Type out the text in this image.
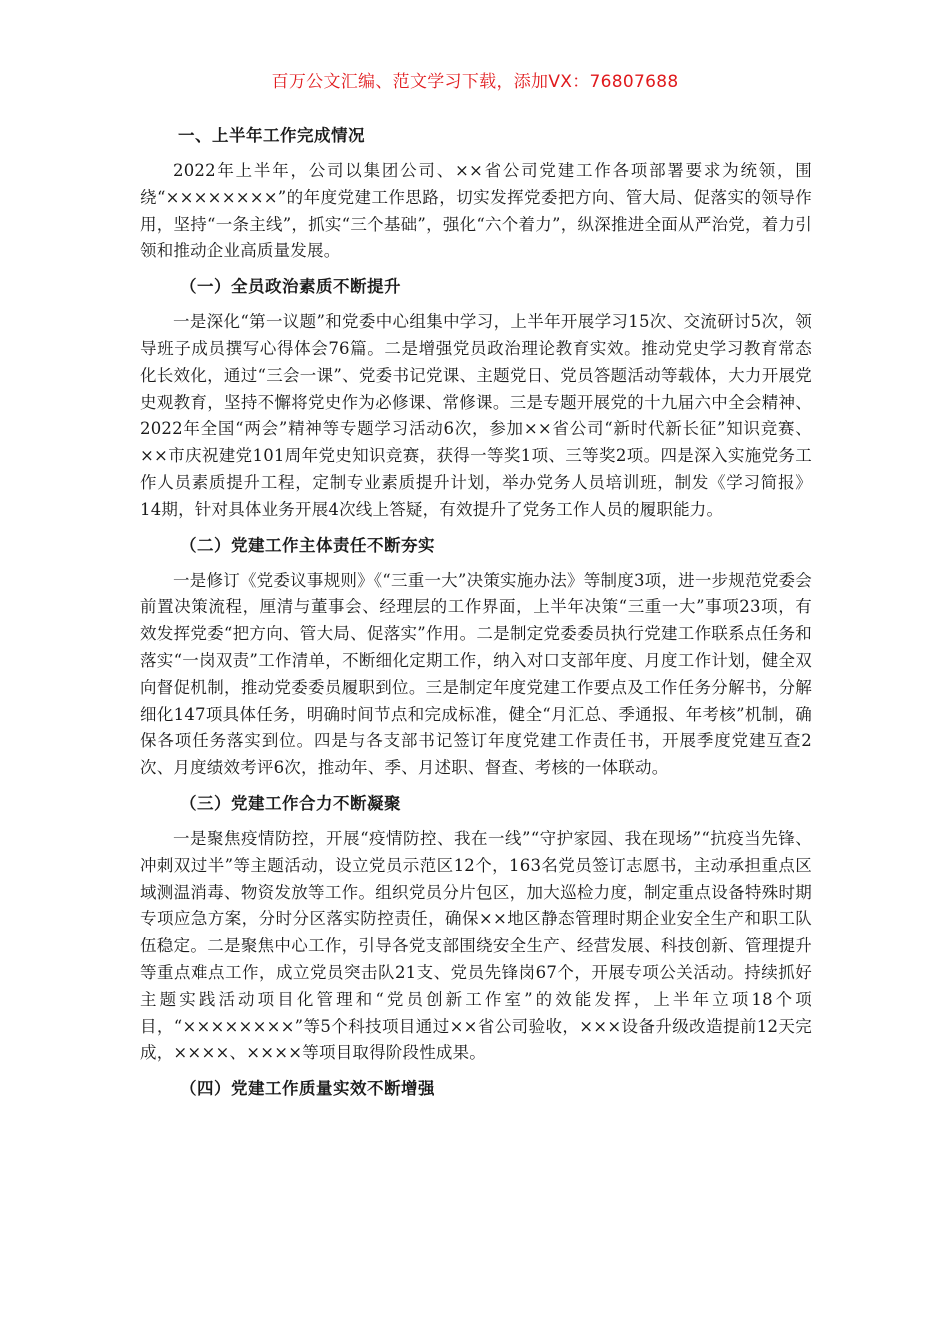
百万公文汇编、范文学习下载，添加VX：76807688
一、上半年工作完成情况

2022年上半年，公司以集团公司、××省公司党建工作各项部署要求为统领，围绕“××××××××”的年度党建工作思路，切实发挥党委把方向、管大局、促落实的领导作用，坚持“一条主线”，抓实“三个基础”，强化“六个着力”，纵深推进全面从严治党，着力引领和推动企业高质量发展。

（一）全员政治素质不断提升

一是深化“第一议题”和党委中心组集中学习，上半年开展学习15次、交流研讨5次，领导班子成员撰写心得体会76篇。二是增强党员政治理论教育实效。推动党史学习教育常态化长效化，通过“三会一课”、党委书记党课、主题党日、党员答题活动等载体，大力开展党史观教育，坚持不懈将党史作为必修课、常修课。三是专题开展党的十九届六中全会精神、2022年全国“两会”精神等专题学习活动6次，参加××省公司“新时代新长征”知识竞赛、××市庆祝建党101周年党史知识竞赛，获得一等奖1项、三等奖2项。四是深入实施党务工作人员素质提升工程，定制专业素质提升计划，举办党务人员培训班，制发《学习简报》14期，针对具体业务开展4次线上答疑，有效提升了党务工作人员的履职能力。

（二）党建工作主体责任不断夯实

一是修订《党委议事规则》《“三重一大”决策实施办法》等制度3项，进一步规范党委会前置决策流程，厘清与董事会、经理层的工作界面，上半年决策“三重一大”事项23项，有效发挥党委“把方向、管大局、促落实”作用。二是制定党委委员执行党建工作联系点任务和落实“一岗双责”工作清单，不断细化定期工作，纳入对口支部年度、月度工作计划，健全双向督促机制，推动党委委员履职到位。三是制定年度党建工作要点及工作任务分解书，分解细化147项具体任务，明确时间节点和完成标准，健全“月汇总、季通报、年考核”机制，确保各项任务落实到位。四是与各支部书记签订年度党建工作责任书，开展季度党建互查2次、月度绩效考评6次，推动年、季、月述职、督查、考核的一体联动。

（三）党建工作合力不断凝聚

一是聚焦疫情防控，开展“疫情防控、我在一线”“守护家园、我在现场”“抗疫当先锋、冲刺双过半”等主题活动，设立党员示范区12个，163名党员签订志愿书，主动承担重点区域测温消毒、物资发放等工作。组织党员分片包区，加大巡检力度，制定重点设备特殊时期专项应急方案，分时分区落实防控责任，确保××地区静态管理时期企业安全生产和职工队伍稳定。二是聚焦中心工作，引导各党支部围绕安全生产、经营发展、科技创新、管理提升等重点难点工作，成立党员突击队21支、党员先锋岗67个，开展专项公关活动。持续抓好主题实践活动项目化管理和“党员创新工作室”的效能发挥，上半年立项18个项目，“××××××××”等5个科技项目通过××省公司验收，×××设备升级改造提前12天完成，××××、××××等项目取得阶段性成果。

（四）党建工作质量实效不断增强
